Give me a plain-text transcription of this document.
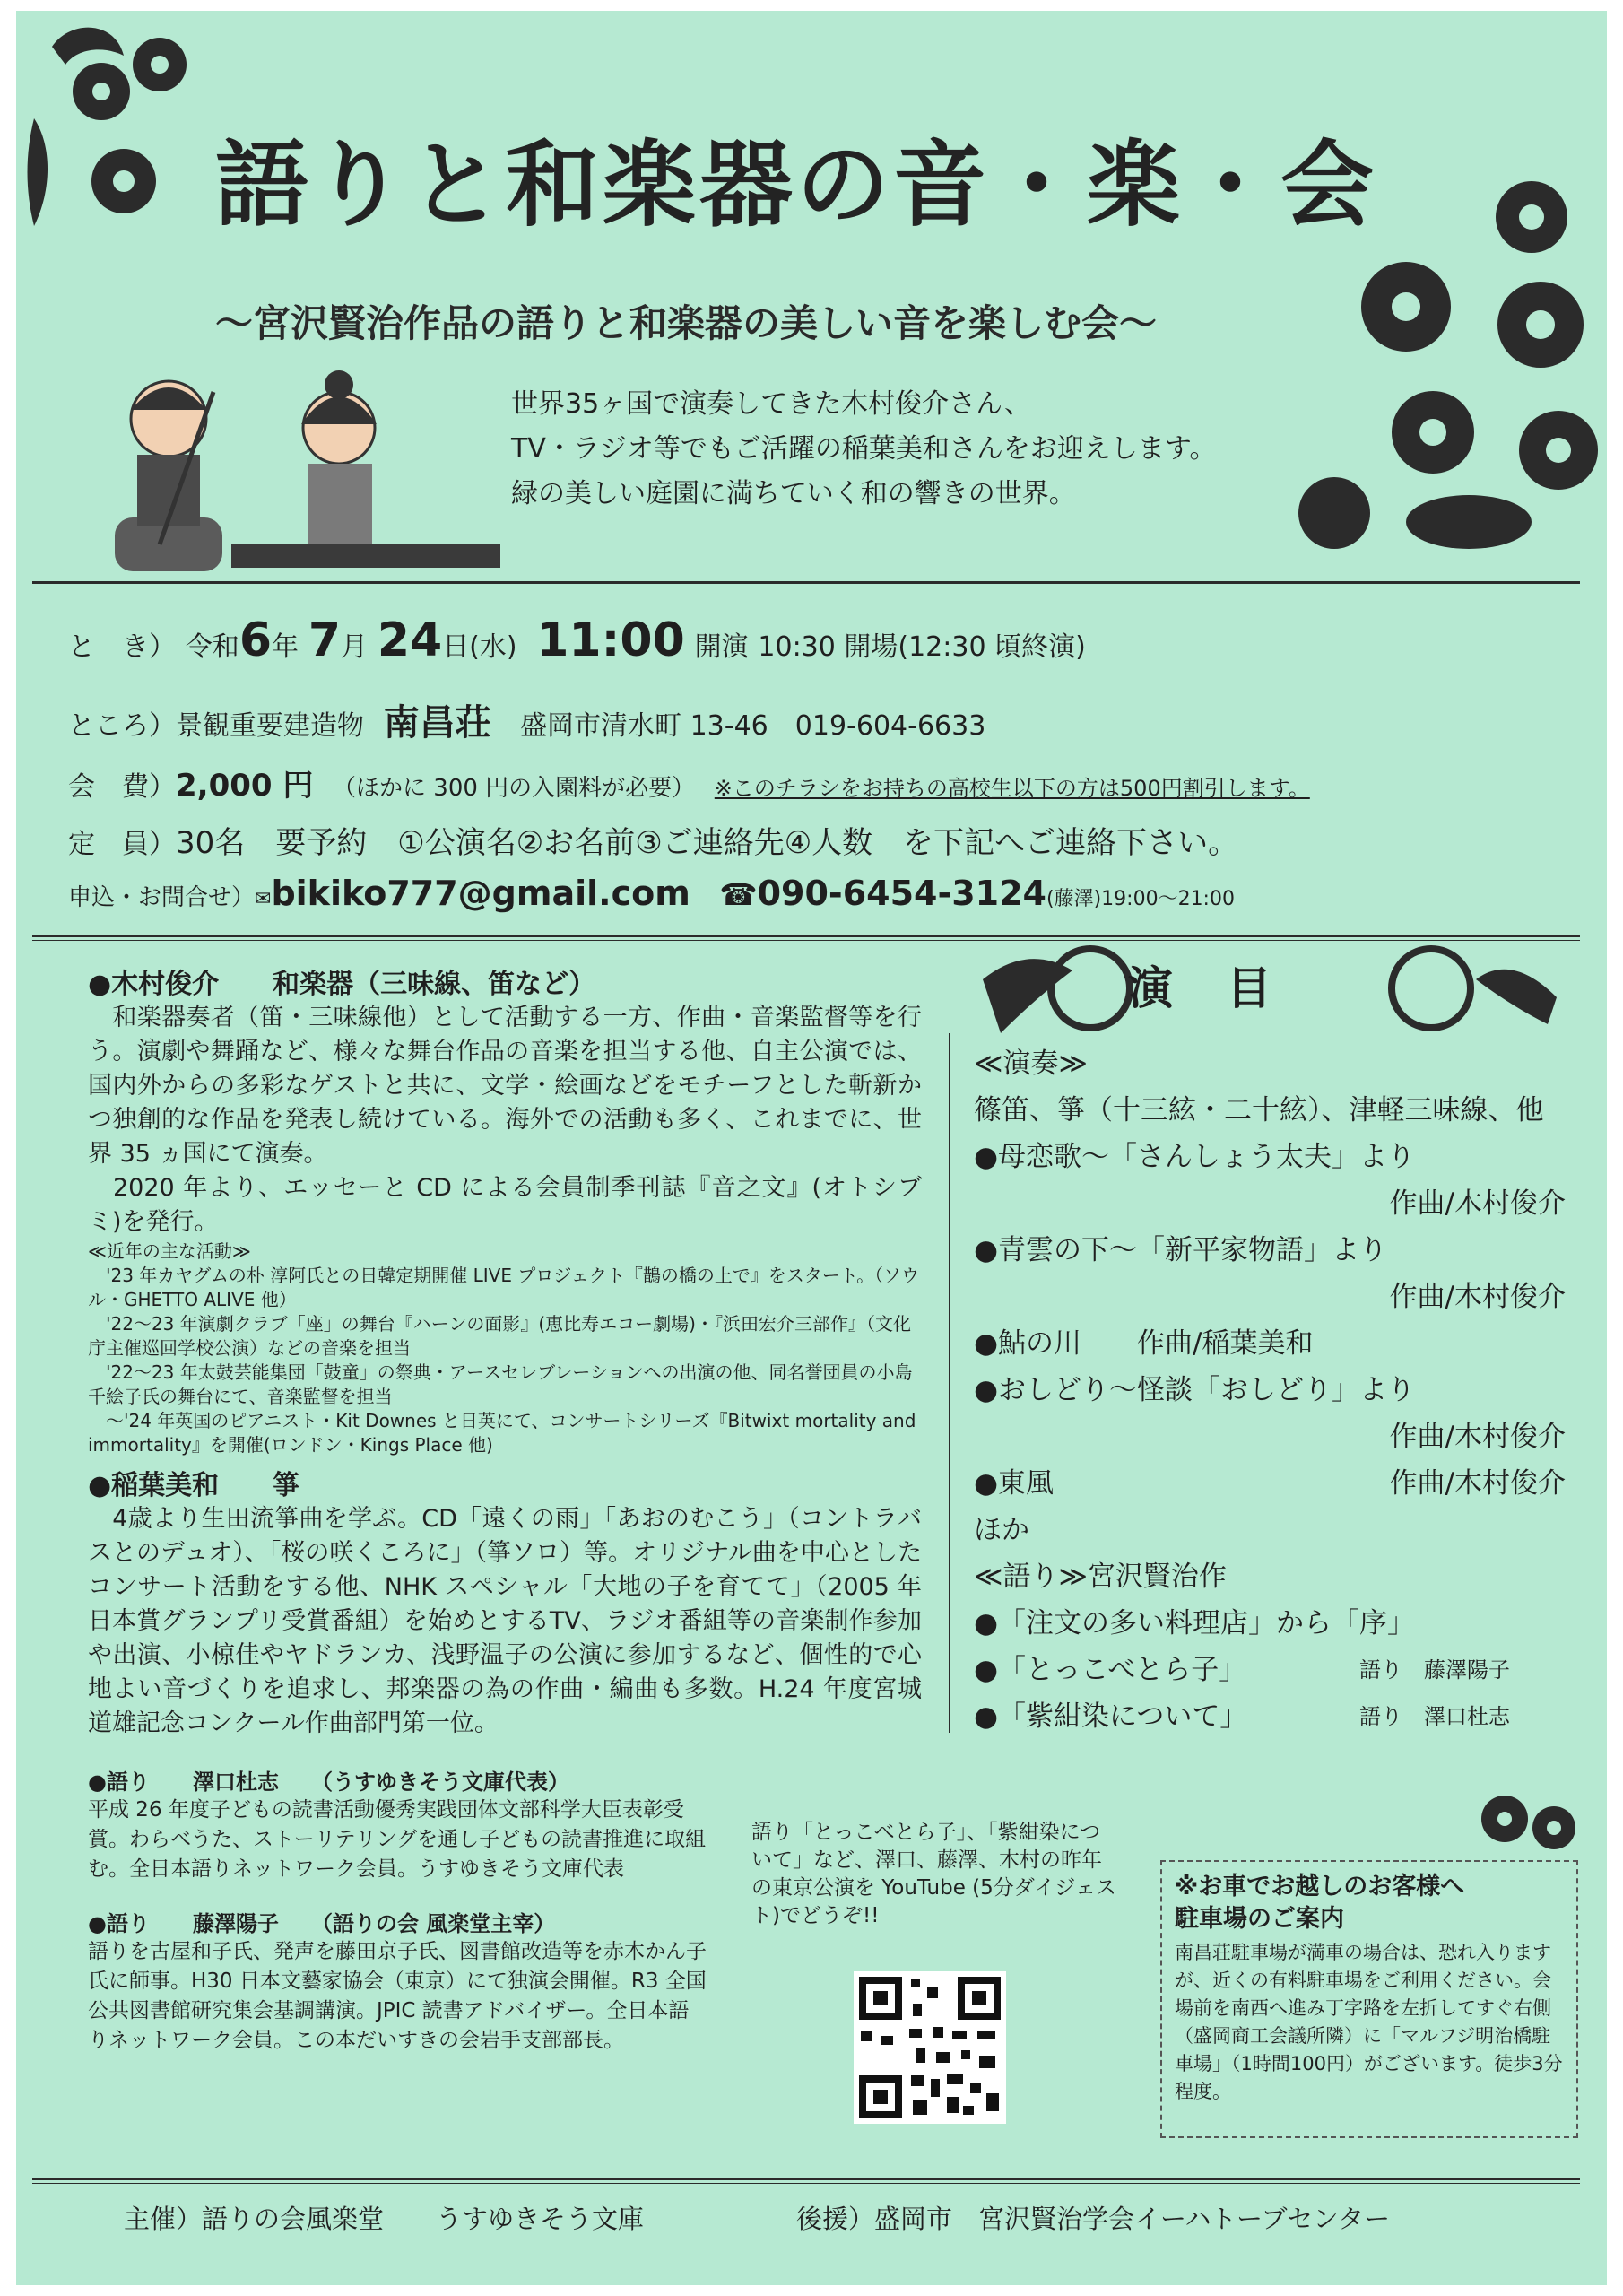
語りと和楽器の音・楽・会
～宮沢賢治作品の語りと和楽器の美しい音を楽しむ会～
世界35ヶ国で演奏してきた木村俊介さん、
TV・ラジオ等でもご活躍の稲葉美和さんをお迎えします。
緑の美しい庭園に満ちていく和の響きの世界。
と　き） 令和6年 7月 24日(水) 11:00 開演 10:30 開場(12:30 頃終演)
ところ）景観重要建造物 南昌荘 盛岡市清水町 13-46　019-604-6633
会　費）2,000 円 （ほかに 300 円の入園料が必要） ※このチラシをお持ちの高校生以下の方は500円割引します。
定　員）30名　要予約　①公演名②お名前③ご連絡先④人数　を下記へご連絡下さい。
申込・お問合せ）✉bikiko777@gmail.com ☎090-6454-3124(藤澤)19:00～21:00
●木村俊介　　和楽器（三味線、笛など）
　和楽器奏者（笛・三味線他）として活動する一方、作曲・音楽監督等を行う。演劇や舞踊など、様々な舞台作品の音楽を担当する他、自主公演では、国内外からの多彩なゲストと共に、文学・絵画などをモチーフとした斬新かつ独創的な作品を発表し続けている。海外での活動も多く、これまでに、世界 35 ヵ国にて演奏。
　2020 年より、エッセーと CD による会員制季刊誌『音之文』(オトシブミ)を発行。
≪近年の主な活動≫
　'23 年カヤグムの朴 淳阿氏との日韓定期開催 LIVE プロジェクト『鵲の橋の上で』をスタート。（ソウル・GHETTO ALIVE 他）
　'22～23 年演劇クラブ「座」の舞台『ハーンの面影』(恵比寿エコー劇場)・『浜田宏介三部作』（文化庁主催巡回学校公演）などの音楽を担当
　'22～23 年太鼓芸能集団「鼓童」の祭典・アースセレブレーションへの出演の他、同名誉団員の小島千絵子氏の舞台にて、音楽監督を担当
　～'24 年英国のピアニスト・Kit Downes と日英にて、コンサートシリーズ『Bitwixt mortality and immortality』を開催(ロンドン・Kings Place 他)
●稲葉美和　　箏
　4歳より生田流箏曲を学ぶ。CD「遠くの雨」「あおのむこう」（コントラバスとのデュオ）、「桜の咲くころに」（箏ソロ）等。オリジナル曲を中心としたコンサート活動をする他、NHK スペシャル「大地の子を育てて」（2005 年日本賞グランプリ受賞番組）を始めとするTV、ラジオ番組等の音楽制作参加や出演、小椋佳やヤドランカ、浅野温子の公演に参加するなど、個性的で心地よい音づくりを追求し、邦楽器の為の作曲・編曲も多数。H.24 年度宮城道雄記念コンクール作曲部門第一位。
●語り　　澤口杜志　　（うすゆきそう文庫代表）
平成 26 年度子どもの読書活動優秀実践団体文部科学大臣表彰受賞。わらべうた、ストーリテリングを通し子どもの読書推進に取組む。全日本語りネットワーク会員。うすゆきそう文庫代表
●語り　　藤澤陽子　　（語りの会 風楽堂主宰）
語りを古屋和子氏、発声を藤田京子氏、図書館改造等を赤木かん子氏に師事。H30 日本文藝家協会（東京）にて独演会開催。R3 全国公共図書館研究集会基調講演。JPIC 読書アドバイザー。全日本語りネットワーク会員。この本だいすきの会岩手支部部長。
演目
≪演奏≫
篠笛、箏（十三絃・二十絃）、津軽三味線、他
●母恋歌～「さんしょう太夫」より
作曲/木村俊介
●青雲の下～「新平家物語」より
作曲/木村俊介
●鮎の川　　作曲/稲葉美和
●おしどり～怪談「おしどり」より
作曲/木村俊介
●東風	作曲/木村俊介
ほか
≪語り≫宮沢賢治作
●「注文の多い料理店」から「序」
●「とっこべとら子」	語り　藤澤陽子
●「紫紺染について」	語り　澤口杜志
語り「とっこべとら子」、「紫紺染について」など、澤口、藤澤、木村の昨年の東京公演を YouTube (5分ダイジェスト)でどうぞ!!
※お車でお越しのお客様へ
駐車場のご案内
南昌荘駐車場が満車の場合は、恐れ入りますが、近くの有料駐車場をご利用ください。会場前を南西へ進み丁字路を左折してすぐ右側（盛岡商工会議所隣）に「マルフジ明治橋駐車場」（1時間100円）がございます。徒歩3分程度。
主催）語りの会風楽堂　　うすゆきそう文庫	後援）盛岡市　宮沢賢治学会イーハトーブセンター
